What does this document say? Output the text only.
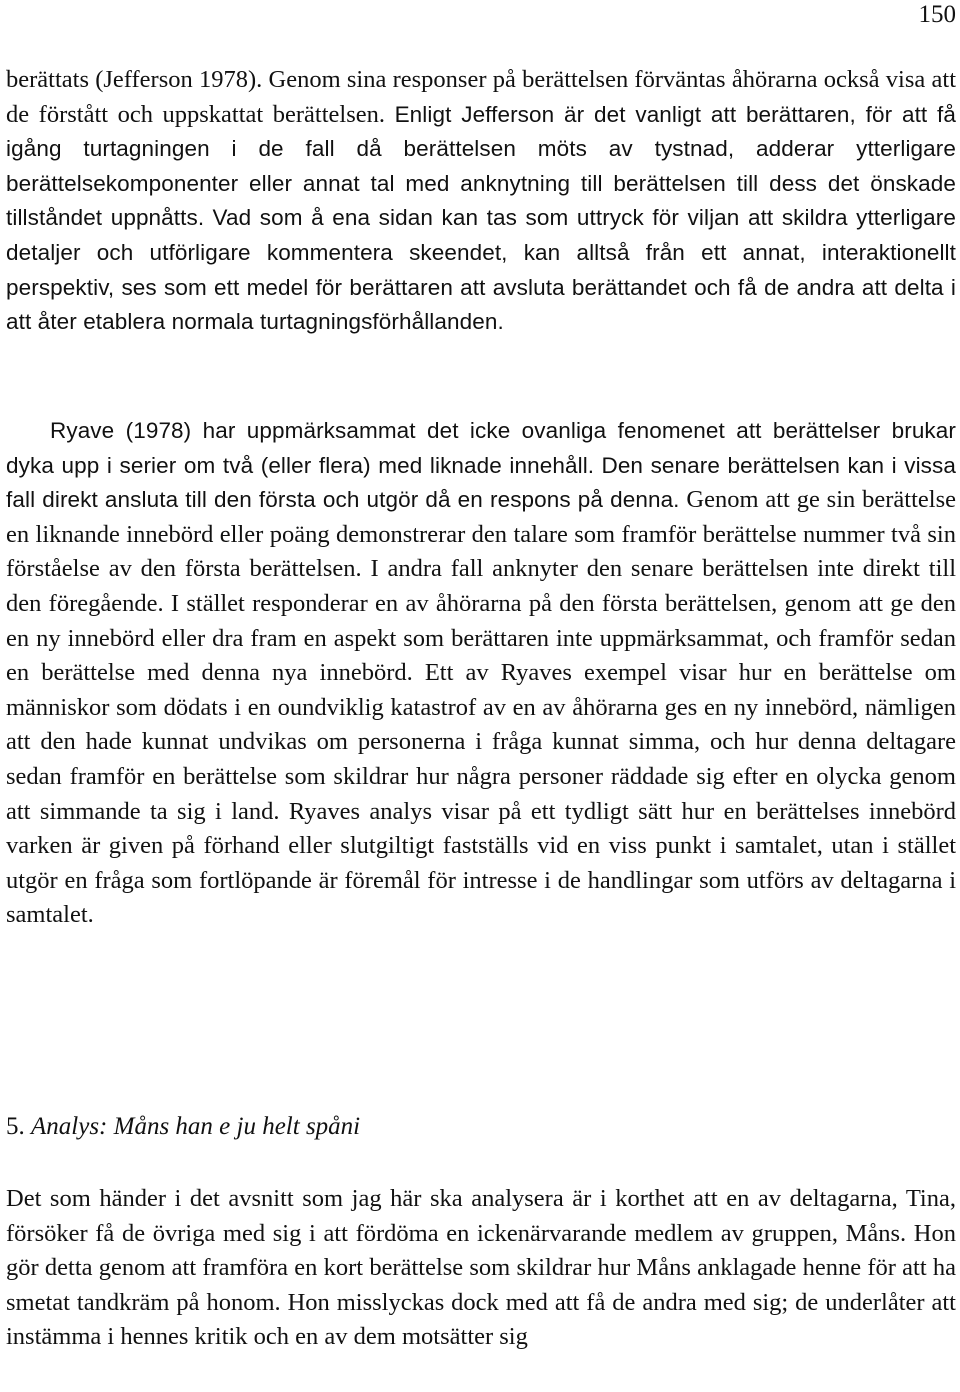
150

berättats (Jefferson 1978). Genom sina responser på berättelsen förväntas åhörarna också visa att de förstått och uppskattat berättelsen. Enligt Jefferson är det vanligt att berättaren, för att få igång turtagningen i de fall då berättelsen möts av tystnad, adderar ytterligare berättelsekomponenter eller annat tal med anknytning till berättelsen till dess det önskade tillståndet uppnåtts. Vad som å ena sidan kan tas som uttryck för viljan att skildra ytterligare detaljer och utförligare kommentera skeendet, kan alltså från ett annat, interaktionellt perspektiv, ses som ett medel för berättaren att avsluta berättandet och få de andra att delta i att åter etablera normala turtagningsförhållanden.

Ryave (1978) har uppmärksammat det icke ovanliga fenomenet att berättelser brukar dyka upp i serier om två (eller flera) med liknade innehåll. Den senare berättelsen kan i vissa fall direkt ansluta till den första och utgör då en respons på denna. Genom att ge sin berättelse en liknande innebörd eller poäng demonstrerar den talare som framför berättelse nummer två sin förståelse av den första berättelsen. I andra fall anknyter den senare berättelsen inte direkt till den föregående. I stället responderar en av åhörarna på den första berättelsen, genom att ge den en ny innebörd eller dra fram en aspekt som berättaren inte uppmärksammat, och framför sedan en berättelse med denna nya innebörd. Ett av Ryaves exempel visar hur en berättelse om människor som dödats i en oundviklig katastrof av en av åhörarna ges en ny innebörd, nämligen att den hade kunnat undvikas om personerna i fråga kunnat simma, och hur denna deltagare sedan framför en berättelse som skildrar hur några personer räddade sig efter en olycka genom att simmande ta sig i land. Ryaves analys visar på ett tydligt sätt hur en berättelses innebörd varken är given på förhand eller slutgiltigt fastställs vid en viss punkt i samtalet, utan i stället utgör en fråga som fortlöpande är föremål för intresse i de handlingar som utförs av deltagarna i samtalet.

5. Analys: Måns han e ju helt spåni

Det som händer i det avsnitt som jag här ska analysera är i korthet att en av deltagarna, Tina, försöker få de övriga med sig i att fördöma en ickenärvarande medlem av gruppen, Måns. Hon gör detta genom att framföra en kort berättelse som skildrar hur Måns anklagade henne för att ha smetat tandkräm på honom. Hon misslyckas dock med att få de andra med sig; de underlåter att instämma i hennes kritik och en av dem motsätter sig
